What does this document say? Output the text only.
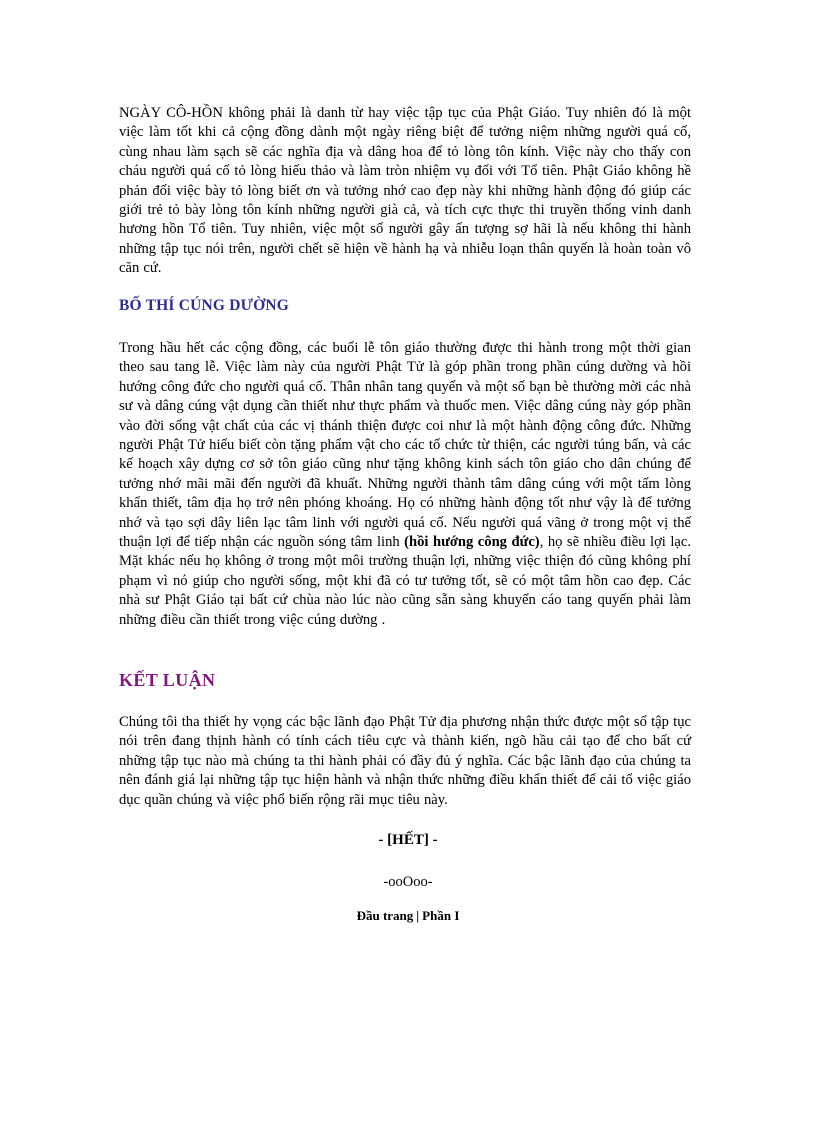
NGÀY CÔ-HỒN không phải là danh từ hay việc tập tục của Phật Giáo. Tuy nhiên đó là một việc làm tốt khi cả cộng đồng dành một ngày riêng biệt để tưởng niệm những người quá cố, cùng nhau làm sạch sẽ các nghĩa địa và dâng hoa để tỏ lòng tôn kính. Việc này cho thấy con cháu người quá cố tỏ lòng hiếu thảo và làm tròn nhiệm vụ đối với Tổ tiên. Phật Giáo không hề phản đối việc bày tỏ lòng biết ơn và tưởng nhớ cao đẹp này khi những hành động đó giúp các giới trẻ tỏ bày lòng tôn kính những người già cả, và tích cực thực thi truyền thống vinh danh hương hồn Tổ tiên. Tuy nhiên, việc một số người gây ấn tượng sợ hãi là nếu không thi hành những tập tục nói trên, người chết sẽ hiện về hành hạ và nhiễu loạn thân quyến là hoàn toàn vô căn cứ.

BỐ THÍ CÚNG DƯỜNG

Trong hầu hết các cộng đồng, các buổi lễ tôn giáo thường được thi hành trong một thời gian theo sau tang lễ. Việc làm này của người Phật Tử là góp phần trong phần cúng dường và hồi hướng công đức cho người quá cố. Thân nhân tang quyến và một số bạn bè thường mời các nhà sư và dâng cúng vật dụng cần thiết như thực phẩm và thuốc men. Việc dâng cúng này góp phần vào đời sống vật chất của các vị thánh thiện được coi như là một hành động công đức. Những người Phật Tử hiểu biết còn tặng phẩm vật cho các tổ chức từ thiện, các người túng bấn, và các kế hoạch xây dựng cơ sở tôn giáo cũng như tặng không kinh sách tôn giáo cho dân chúng để tưởng nhớ mãi mãi đến người đã khuất. Những người thành tâm dâng cúng với một tấm lòng khẩn thiết, tâm địa họ trở nên phóng khoáng. Họ có những hành động tốt như vậy là để tưởng nhớ và tạo sợi dây liên lạc tâm linh với người quá cố. Nếu người quá vãng ở trong một vị thế thuận lợi để tiếp nhận các nguồn sóng tâm linh (hồi hướng công đức), họ sẽ nhiều điều lợi lạc. Mặt khác nếu họ không ở trong một môi trường thuận lợi, những việc thiện đó cũng không phí phạm vì nó giúp cho người sống, một khi đã có tư tưởng tốt, sẽ có một tâm hồn cao đẹp. Các nhà sư Phật Giáo tại bất cứ chùa nào lúc nào cũng sẵn sàng khuyến cáo tang quyến phải làm những điều cần thiết trong việc cúng dường .

KẾT LUẬN

Chúng tôi tha thiết hy vọng các bậc lãnh đạo Phật Tử địa phương nhận thức được một số tập tục nói trên đang thịnh hành có tính cách tiêu cực và thành kiến, ngõ hầu cải tạo để cho bất cứ những tập tục nào mà chúng ta thi hành phải có đầy đủ ý nghĩa. Các bậc lãnh đạo của chúng ta nên đánh giá lại những tập tục hiện hành và nhận thức những điều khẩn thiết để cải tổ việc giáo dục quần chúng và việc phổ biến rộng rãi mục tiêu này.

- [HẾT] -

-ooOoo-

Đầu trang | Phần I
